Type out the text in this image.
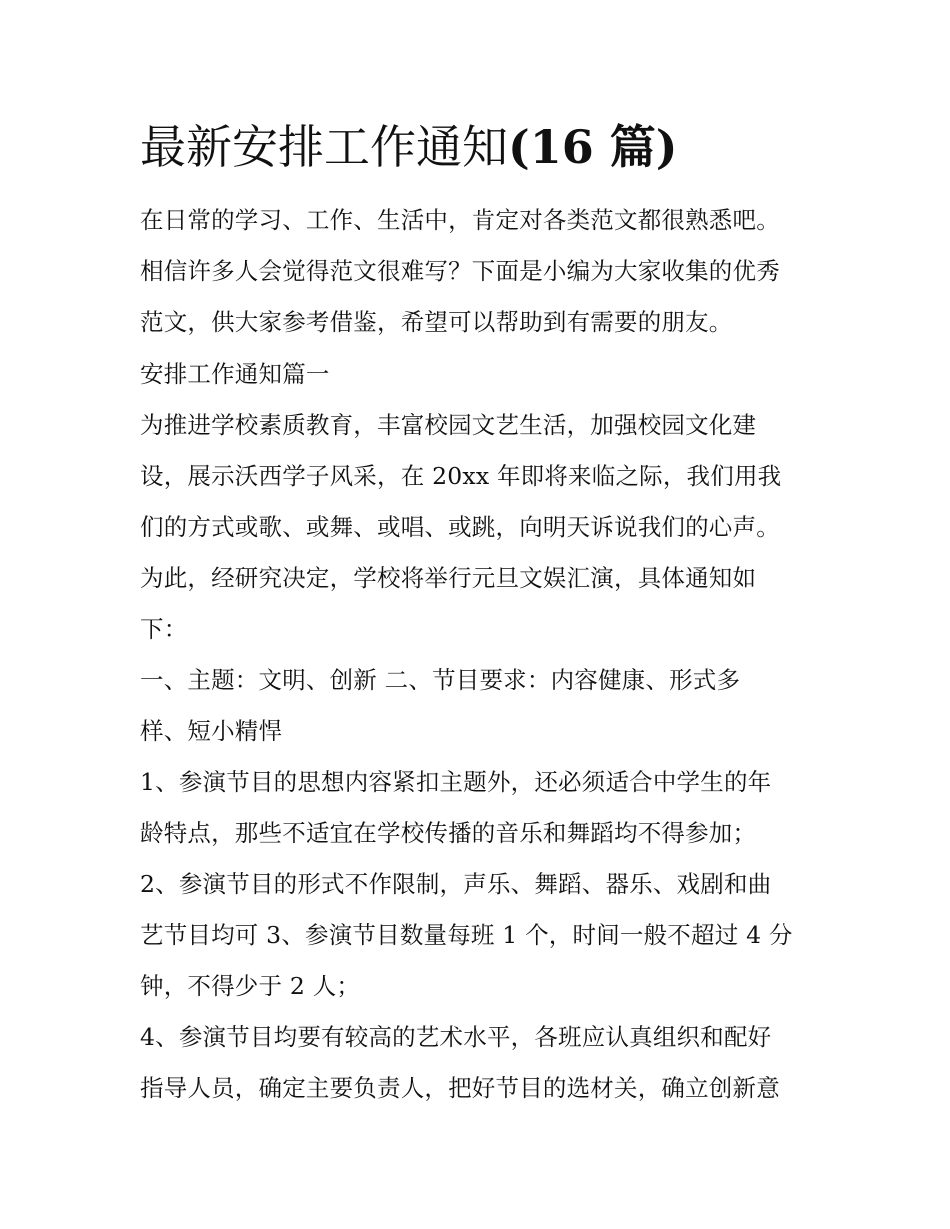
最新安排工作通知(16 篇)

在日常的学习、工作、生活中，肯定对各类范文都很熟悉吧。

相信许多人会觉得范文很难写？下面是小编为大家收集的优秀

范文，供大家参考借鉴，希望可以帮助到有需要的朋友。

安排工作通知篇一

为推进学校素质教育，丰富校园文艺生活，加强校园文化建

设，展示沃西学子风采，在 20xx 年即将来临之际，我们用我

们的方式或歌、或舞、或唱、或跳，向明天诉说我们的心声。

为此，经研究决定，学校将举行元旦文娱汇演，具体通知如

下：

一、主题：文明、创新 二、节目要求：内容健康、形式多

样、短小精悍

1、参演节目的思想内容紧扣主题外，还必须适合中学生的年

龄特点，那些不适宜在学校传播的音乐和舞蹈均不得参加；

2、参演节目的形式不作限制，声乐、舞蹈、器乐、戏剧和曲

艺节目均可 3、参演节目数量每班 1 个，时间一般不超过 4 分

钟，不得少于 2 人；

4、参演节目均要有较高的艺术水平，各班应认真组织和配好

指导人员，确定主要负责人，把好节目的选材关，确立创新意
